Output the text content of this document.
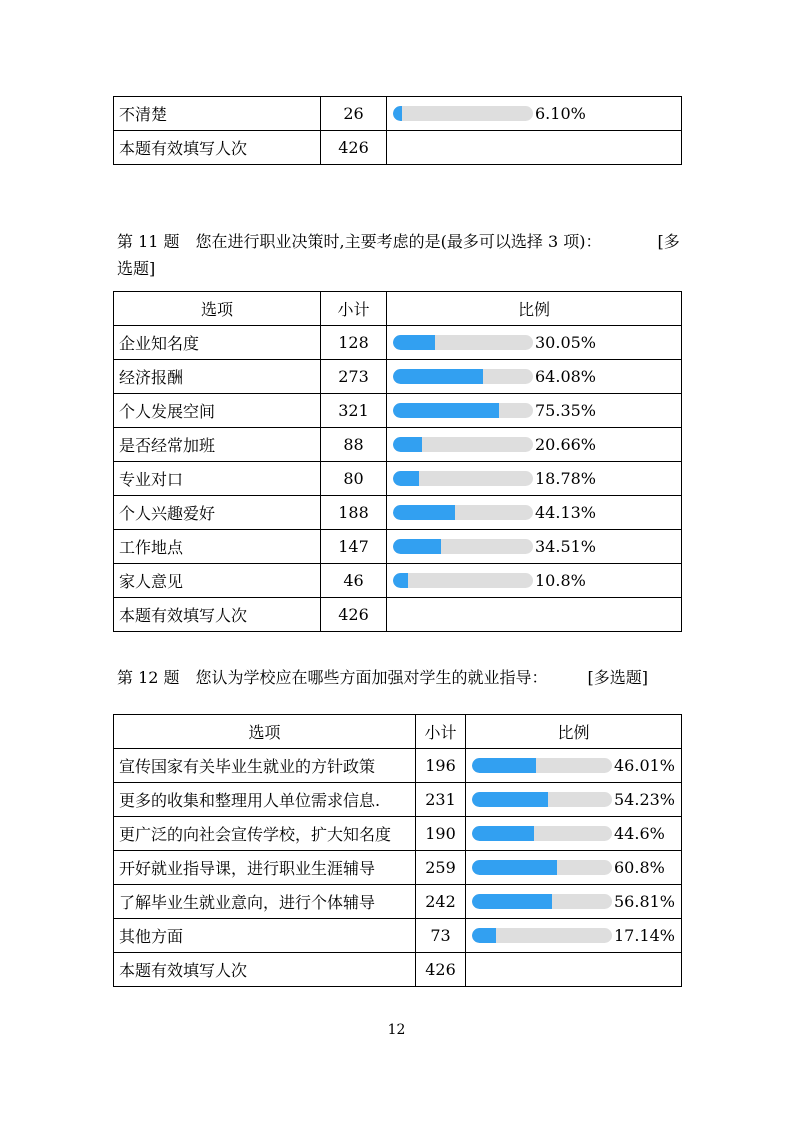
不清楚	26	6.10%

本题有效填写人次	426	
第 11 题　您在进行职业决策时,主要考虑的是(最多可以选择 3 项)：　　　　[多
选题]
选项	小计	比例
企业知名度	128	30.05%

经济报酬	273	64.08%

个人发展空间	321	75.35%

是否经常加班	88	20.66%

专业对口	80	18.78%

个人兴趣爱好	188	44.13%

工作地点	147	34.51%

家人意见	46	10.8%

本题有效填写人次	426	
第 12 题　您认为学校应在哪些方面加强对学生的就业指导：　　　[多选题]
选项	小计	比例
宣传国家有关毕业生就业的方针政策	196	46.01%

更多的收集和整理用人单位需求信息.	231	54.23%

更广泛的向社会宣传学校，扩大知名度	190	44.6%

开好就业指导课，进行职业生涯辅导	259	60.8%

了解毕业生就业意向，进行个体辅导	242	56.81%

其他方面	73	17.14%

本题有效填写人次	426	
12
